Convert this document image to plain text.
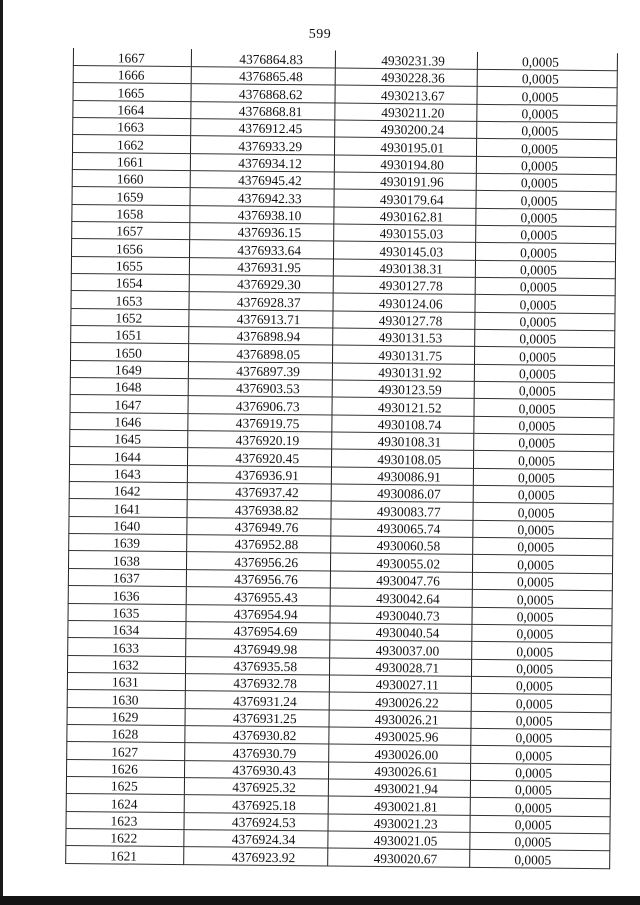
599
1667	4376864.83	4930231.39	0,0005
1666	4376865.48	4930228.36	0,0005
1665	4376868.62	4930213.67	0,0005
1664	4376868.81	4930211.20	0,0005
1663	4376912.45	4930200.24	0,0005
1662	4376933.29	4930195.01	0,0005
1661	4376934.12	4930194.80	0,0005
1660	4376945.42	4930191.96	0,0005
1659	4376942.33	4930179.64	0,0005
1658	4376938.10	4930162.81	0,0005
1657	4376936.15	4930155.03	0,0005
1656	4376933.64	4930145.03	0,0005
1655	4376931.95	4930138.31	0,0005
1654	4376929.30	4930127.78	0,0005
1653	4376928.37	4930124.06	0,0005
1652	4376913.71	4930127.78	0,0005
1651	4376898.94	4930131.53	0,0005
1650	4376898.05	4930131.75	0,0005
1649	4376897.39	4930131.92	0,0005
1648	4376903.53	4930123.59	0,0005
1647	4376906.73	4930121.52	0,0005
1646	4376919.75	4930108.74	0,0005
1645	4376920.19	4930108.31	0,0005
1644	4376920.45	4930108.05	0,0005
1643	4376936.91	4930086.91	0,0005
1642	4376937.42	4930086.07	0,0005
1641	4376938.82	4930083.77	0,0005
1640	4376949.76	4930065.74	0,0005
1639	4376952.88	4930060.58	0,0005
1638	4376956.26	4930055.02	0,0005
1637	4376956.76	4930047.76	0,0005
1636	4376955.43	4930042.64	0,0005
1635	4376954.94	4930040.73	0,0005
1634	4376954.69	4930040.54	0,0005
1633	4376949.98	4930037.00	0,0005
1632	4376935.58	4930028.71	0,0005
1631	4376932.78	4930027.11	0,0005
1630	4376931.24	4930026.22	0,0005
1629	4376931.25	4930026.21	0,0005
1628	4376930.82	4930025.96	0,0005
1627	4376930.79	4930026.00	0,0005
1626	4376930.43	4930026.61	0,0005
1625	4376925.32	4930021.94	0,0005
1624	4376925.18	4930021.81	0,0005
1623	4376924.53	4930021.23	0,0005
1622	4376924.34	4930021.05	0,0005
1621	4376923.92	4930020.67	0,0005
